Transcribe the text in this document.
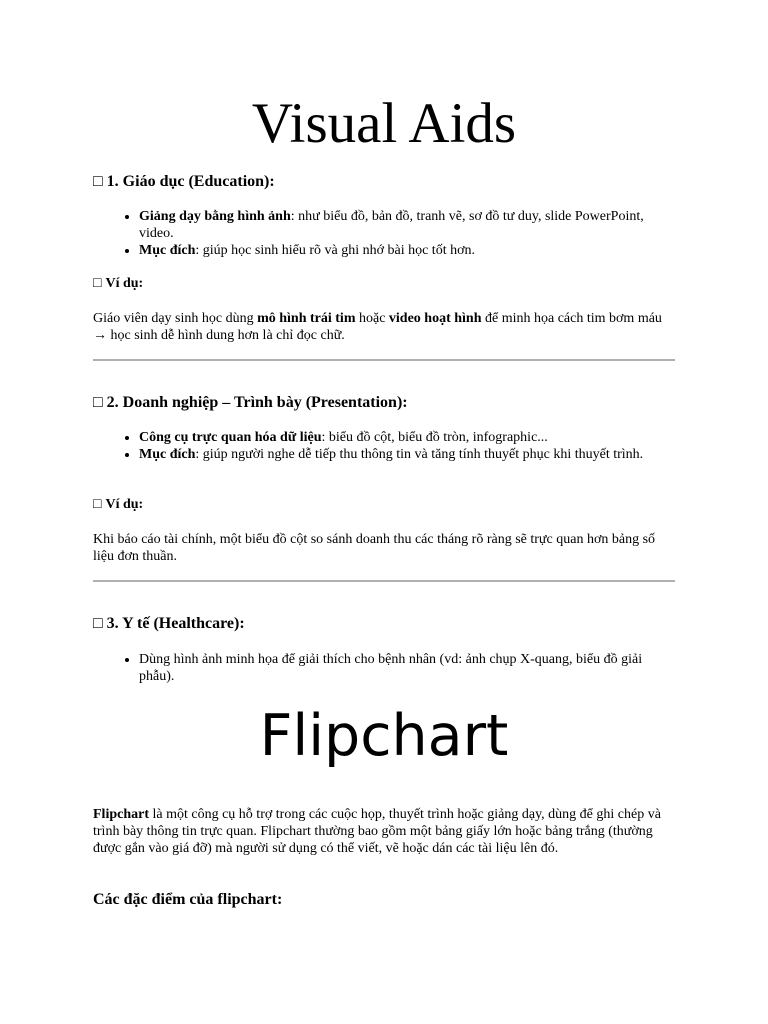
Visual Aids
□ 1. Giáo dục (Education):
• Giảng dạy bằng hình ảnh: như biểu đồ, bản đồ, tranh vẽ, sơ đồ tư duy, slide PowerPoint, video.
• Mục đích: giúp học sinh hiểu rõ và ghi nhớ bài học tốt hơn.

□ Ví dụ:

Giáo viên dạy sinh học dùng mô hình trái tim hoặc video hoạt hình để minh họa cách tim bơm máu → học sinh dễ hình dung hơn là chỉ đọc chữ.

□ 2. Doanh nghiệp – Trình bày (Presentation):
• Công cụ trực quan hóa dữ liệu: biểu đồ cột, biểu đồ tròn, infographic...
• Mục đích: giúp người nghe dễ tiếp thu thông tin và tăng tính thuyết phục khi thuyết trình.

□ Ví dụ:

Khi báo cáo tài chính, một biểu đồ cột so sánh doanh thu các tháng rõ ràng sẽ trực quan hơn bảng số liệu đơn thuần.

□ 3. Y tế (Healthcare):
• Dùng hình ảnh minh họa để giải thích cho bệnh nhân (vd: ảnh chụp X-quang, biểu đồ giải phẫu).
Flipchart

Flipchart là một công cụ hỗ trợ trong các cuộc họp, thuyết trình hoặc giảng dạy, dùng để ghi chép và trình bày thông tin trực quan. Flipchart thường bao gồm một bảng giấy lớn hoặc bảng trắng (thường được gắn vào giá đỡ) mà người sử dụng có thể viết, vẽ hoặc dán các tài liệu lên đó.

Các đặc điểm của flipchart:
